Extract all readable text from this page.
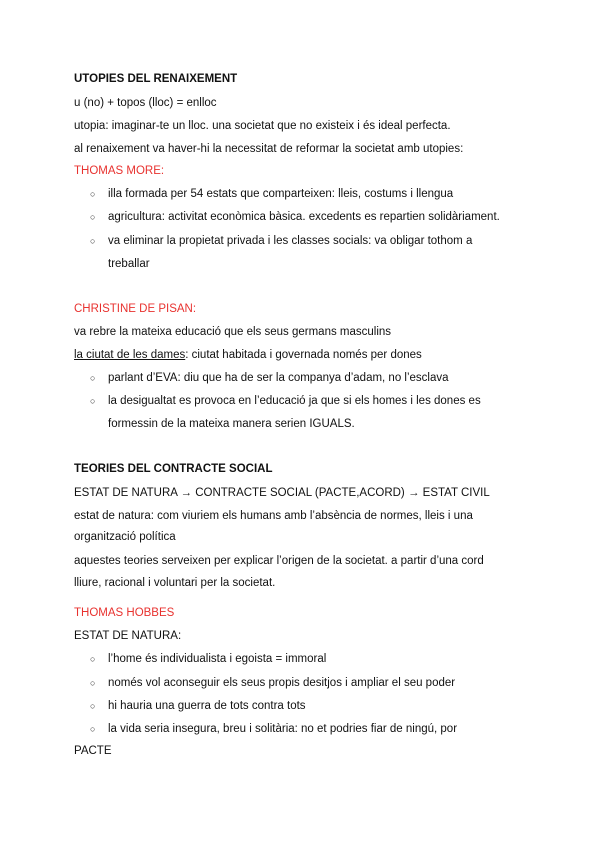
UTOPIES DEL RENAIXEMENT
u (no) + topos (lloc) = enlloc
utopia: imaginar-te un lloc. una societat que no existeix i és ideal perfecta.
al renaixement va haver-hi la necessitat de reformar la societat amb utopies:
THOMAS MORE:
○ illa formada per 54 estats que comparteixen: lleis, costums i llengua
○ agricultura: activitat econòmica bàsica. excedents es repartien solidàriament.
○ va eliminar la propietat privada i les classes socials: va obligar tothom a
treballar
CHRISTINE DE PISAN:
va rebre la mateixa educació que els seus germans masculins
la ciutat de les dames: ciutat habitada i governada només per dones
○ parlant d’EVA: diu que ha de ser la companya d’adam, no l’esclava
○ la desigualtat es provoca en l’educació ja que si els homes i les dones es
formessin de la mateixa manera serien IGUALS.
TEORIES DEL CONTRACTE SOCIAL
ESTAT DE NATURA → CONTRACTE SOCIAL (PACTE,ACORD) → ESTAT CIVIL
estat de natura: com viuriem els humans amb l’absència de normes, lleis i una
organització política
aquestes teories serveixen per explicar l’origen de la societat. a partir d’una cord
lliure, racional i voluntari per la societat.
THOMAS HOBBES
ESTAT DE NATURA:
○ l’home és individualista i egoista = immoral
○ només vol aconseguir els seus propis desitjos i ampliar el seu poder
○ hi hauria una guerra de tots contra tots
○ la vida seria insegura, breu i solitària: no et podries fiar de ningú, por
PACTE
